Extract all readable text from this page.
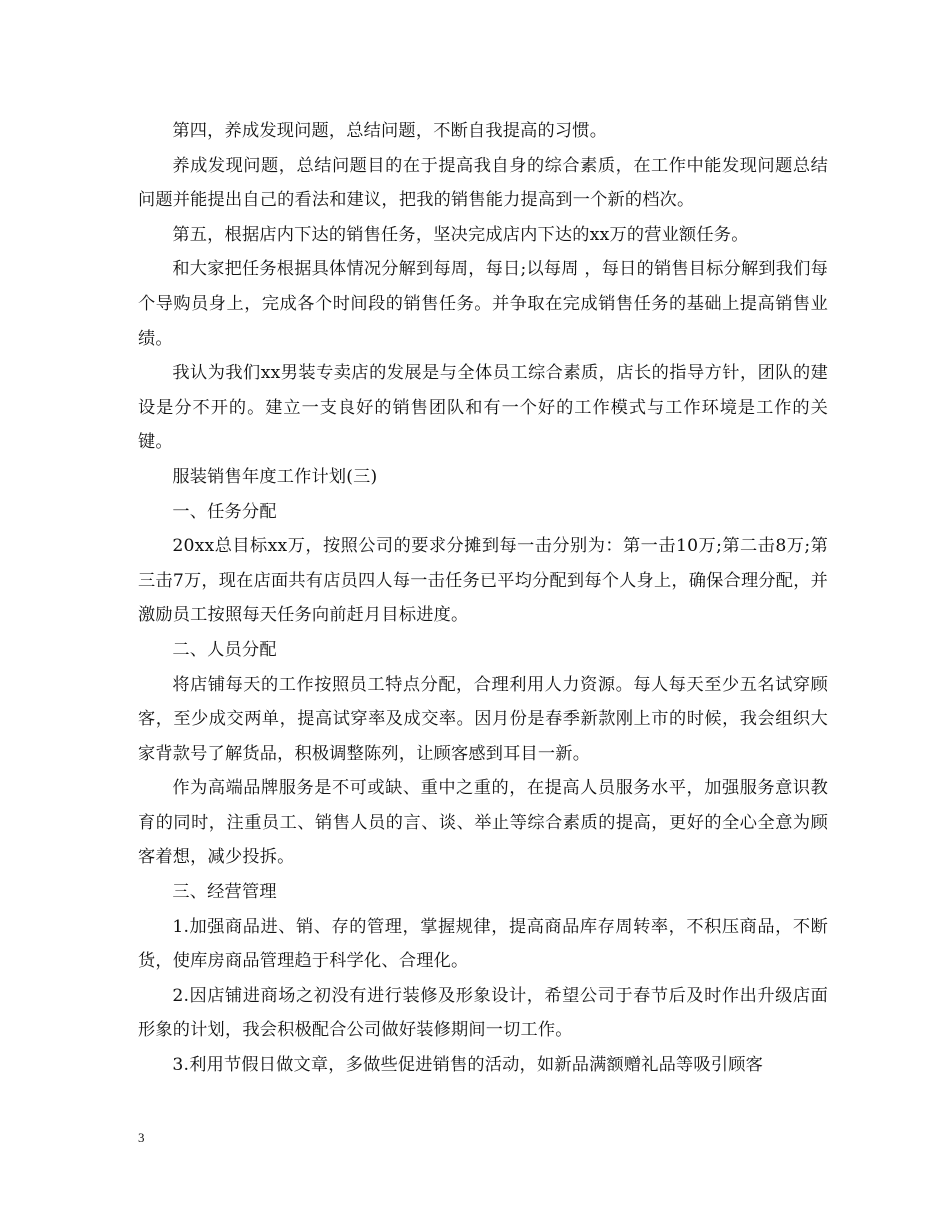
第四，养成发现问题，总结问题，不断自我提高的习惯。

养成发现问题，总结问题目的在于提高我自身的综合素质，在工作中能发现问题总结问题并能提出自己的看法和建议，把我的销售能力提高到一个新的档次。

第五，根据店内下达的销售任务，坚决完成店内下达的xx万的营业额任务。

和大家把任务根据具体情况分解到每周，每日;以每周 ，每日的销售目标分解到我们每个导购员身上，完成各个时间段的销售任务。并争取在完成销售任务的基础上提高销售业绩。

我认为我们xx男装专卖店的发展是与全体员工综合素质，店长的指导方针，团队的建设是分不开的。建立一支良好的销售团队和有一个好的工作模式与工作环境是工作的关键。

服装销售年度工作计划(三)

一、任务分配

20xx总目标xx万，按照公司的要求分摊到每一击分别为：第一击10万;第二击8万;第三击7万，现在店面共有店员四人每一击任务已平均分配到每个人身上，确保合理分配，并激励员工按照每天任务向前赶月目标进度。

二、人员分配

将店铺每天的工作按照员工特点分配，合理利用人力资源。每人每天至少五名试穿顾客，至少成交两单，提高试穿率及成交率。因月份是春季新款刚上市的时候，我会组织大家背款号了解货品，积极调整陈列，让顾客感到耳目一新。

作为高端品牌服务是不可或缺、重中之重的，在提高人员服务水平，加强服务意识教育的同时，注重员工、销售人员的言、谈、举止等综合素质的提高，更好的全心全意为顾客着想，减少投拆。

三、经营管理

1.加强商品进、销、存的管理，掌握规律，提高商品库存周转率，不积压商品，不断货，使库房商品管理趋于科学化、合理化。

2.因店铺进商场之初没有进行装修及形象设计，希望公司于春节后及时作出升级店面形象的计划，我会积极配合公司做好装修期间一切工作。

3.利用节假日做文章，多做些促进销售的活动，如新品满额赠礼品等吸引顾客

3
